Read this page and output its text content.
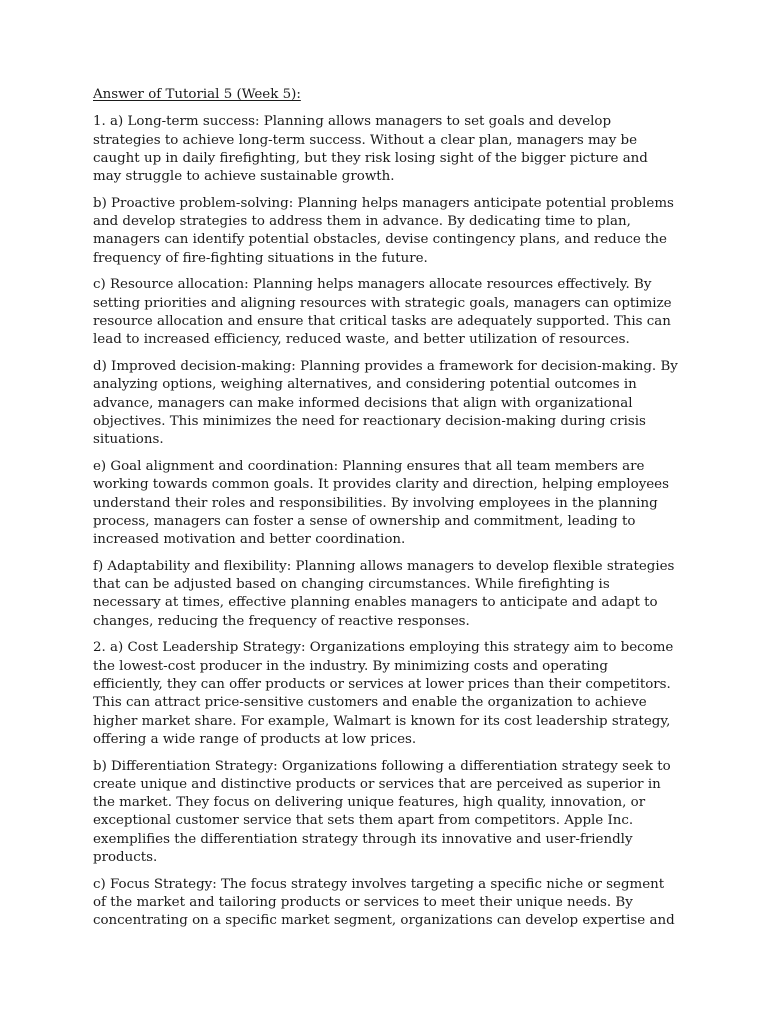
Answer of Tutorial 5 (Week 5):

1. a) Long-term success: Planning allows managers to set goals and develop strategies to achieve long-term success. Without a clear plan, managers may be caught up in daily firefighting, but they risk losing sight of the bigger picture and may struggle to achieve sustainable growth.

b) Proactive problem-solving: Planning helps managers anticipate potential problems and develop strategies to address them in advance. By dedicating time to plan, managers can identify potential obstacles, devise contingency plans, and reduce the frequency of fire-fighting situations in the future.

c) Resource allocation: Planning helps managers allocate resources effectively. By setting priorities and aligning resources with strategic goals, managers can optimize resource allocation and ensure that critical tasks are adequately supported. This can lead to increased efficiency, reduced waste, and better utilization of resources.

d) Improved decision-making: Planning provides a framework for decision-making. By analyzing options, weighing alternatives, and considering potential outcomes in advance, managers can make informed decisions that align with organizational objectives. This minimizes the need for reactionary decision-making during crisis situations.

e) Goal alignment and coordination: Planning ensures that all team members are working towards common goals. It provides clarity and direction, helping employees understand their roles and responsibilities. By involving employees in the planning process, managers can foster a sense of ownership and commitment, leading to increased motivation and better coordination.

f) Adaptability and flexibility: Planning allows managers to develop flexible strategies that can be adjusted based on changing circumstances. While firefighting is necessary at times, effective planning enables managers to anticipate and adapt to changes, reducing the frequency of reactive responses.

2. a) Cost Leadership Strategy: Organizations employing this strategy aim to become the lowest-cost producer in the industry. By minimizing costs and operating efficiently, they can offer products or services at lower prices than their competitors. This can attract price-sensitive customers and enable the organization to achieve higher market share. For example, Walmart is known for its cost leadership strategy, offering a wide range of products at low prices.

b) Differentiation Strategy: Organizations following a differentiation strategy seek to create unique and distinctive products or services that are perceived as superior in the market. They focus on delivering unique features, high quality, innovation, or exceptional customer service that sets them apart from competitors. Apple Inc. exemplifies the differentiation strategy through its innovative and user-friendly products.

c) Focus Strategy: The focus strategy involves targeting a specific niche or segment of the market and tailoring products or services to meet their unique needs. By concentrating on a specific market segment, organizations can develop expertise and
